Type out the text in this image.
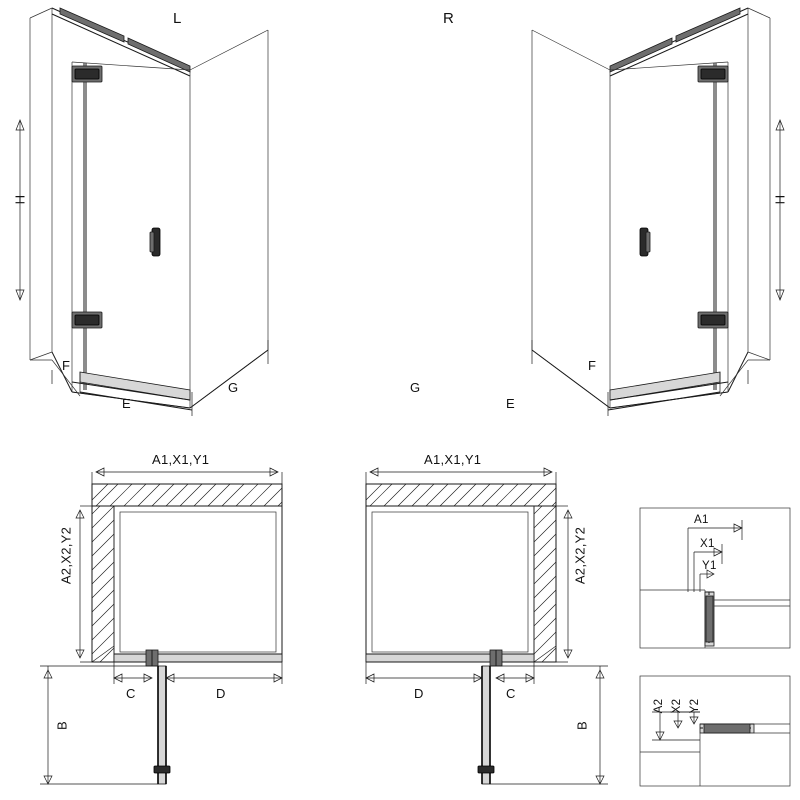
L	R
H	H
F
E
G
F
E
G
A1,X1,Y1	A1,X1,Y1
A2,X2,Y2	A2,X2,Y2
B	B
C	D	D	C
A1
X1
Y1
A2 X2 Y2
